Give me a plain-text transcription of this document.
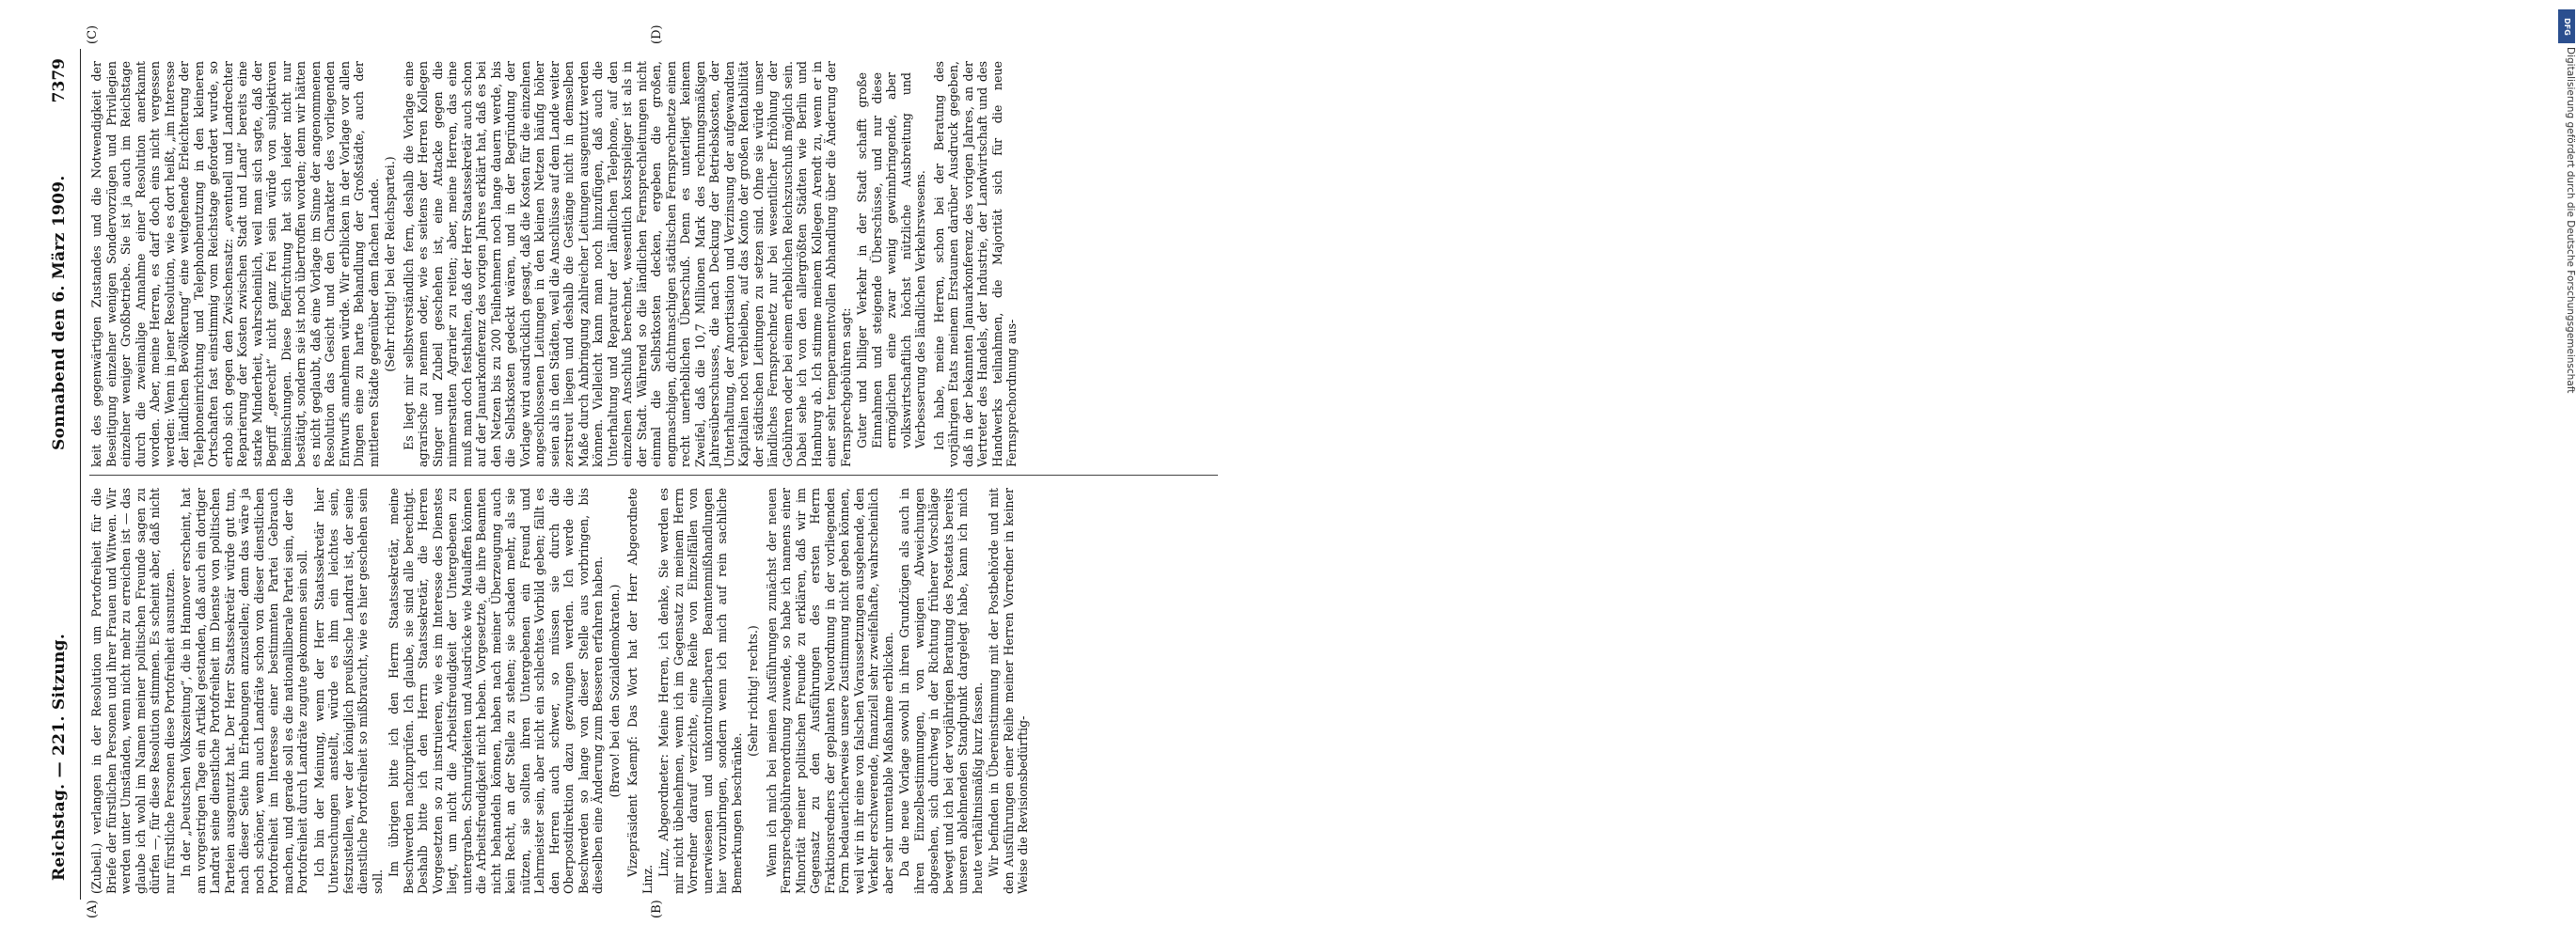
Reichstag. — 221. Sitzung.
Sonnabend den 6. März 1909.
7379
(A)	(B)
(C)	(D)

(Zubeil.) verlangen in der Resolution um Portofreiheit für die Briefe der fürstlichen Personen und ihrer Frauen und Witwen. Wir werden unter Umständen, wenn nicht mehr zu erreichen ist — das glaube ich wohl im Namen meiner politischen Freunde sagen zu dürfen —, für diese Resolution stimmen. Es scheint aber, daß nicht nur fürstliche Personen diese Portofreiheit ausnutzen. In der „Deutschen Volkszeitung“, die in Hannover erscheint, hat am vorgestrigen Tage ein Artikel gestanden, daß auch ein dortiger Landrat seine dienstliche Portofreiheit im Dienste von politischen Parteien ausgenutzt hat. Der Herr Staatssekretär würde gut tun, nach dieser Seite hin Erhebungen anzustellen; denn das wäre ja noch schöner, wenn auch Landräte schon von dieser dienstlichen Portofreiheit im Interesse einer bestimmten Partei Gebrauch machen, und gerade soll es die nationalliberale Partei sein, der die Portofreiheit durch Landräte zugute gekommen sein soll. Ich bin der Meinung, wenn der Herr Staatssekretär hier Untersuchungen anstellt, würde es ihm ein leichtes sein, festzustellen, wer der königlich preußische Landrat ist, der seine dienstliche Portofreiheit so mißbraucht, wie es hier geschehen sein soll.

Im übrigen bitte ich den Herrn Staatssekretär, meine Beschwerden nachzuprüfen. Ich glaube, sie sind alle berechtigt. Deshalb bitte ich den Herrn Staatssekretär, die Herren Vorgesetzten so zu instruieren, wie es im Interesse des Dienstes liegt, um nicht die Arbeitsfreudigkeit der Untergebenen zu untergraben. Schnurigkeiten und Ausdrücke wie Maulaffen können die Arbeitsfreudigkeit nicht heben. Vorgesetzte, die ihre Beamten nicht behandeln können, haben nach meiner Überzeugung auch kein Recht, an der Stelle zu stehen; sie schaden mehr, als sie nützen, sie sollten ihren Untergebenen ein Freund und Lehrmeister sein, aber nicht ein schlechtes Vorbild geben; fällt es den Herren auch schwer, so müssen sie durch die Oberpostdirektion dazu gezwungen werden. Ich werde die Beschwerden so lange von dieser Stelle aus vorbringen, bis dieselben eine Änderung zum Besseren erfahren haben. (Bravo! bei den Sozialdemokraten.) Vizepräsident Kaempf: Das Wort hat der Herr Abgeordnete Linz.

Linz, Abgeordneter: Meine Herren, ich denke, Sie werden es mir nicht übelnehmen, wenn ich im Gegensatz zu meinem Herrn Vorredner darauf verzichte, eine Reihe von Einzelfällen von unerwiesenen und unkontrollierbaren Beamtenmißhandlungen hier vorzubringen, sondern wenn ich mich auf rein sachliche Bemerkungen beschränke.

(Sehr richtig! rechts.) Wenn ich mich bei meinen Ausführungen zunächst der neuen Fernsprechgebührenordnung zuwende, so habe ich namens einer Minorität meiner politischen Freunde zu erklären, daß wir im Gegensatz zu den Ausführungen des ersten Herrn Fraktionsredners der geplanten Neuordnung in der vorliegenden Form bedauerlicherweise unsere Zustimmung nicht geben können, weil wir in ihr eine von falschen Voraussetzungen ausgehende, den Verkehr erschwerende, finanziell sehr zweifelhafte, wahrscheinlich aber sehr unrentable Maßnahme erblicken. Da die neue Vorlage sowohl in ihren Grundzügen als auch in ihren Einzelbestimmungen, von wenigen Abweichungen abgesehen, sich durchweg in der Richtung früherer Vorschläge bewegt und ich bei der vorjährigen Beratung des Postetats bereits unseren ablehnenden Standpunkt dargelegt habe, kann ich mich heute verhältnismäßig kurz fassen. Wir befinden in Übereinstimmung mit der Postbehörde und mit den Ausführungen einer Reihe meiner Herren Vorredner in keiner Weise die Revisionsbedürftig-

keit des gegenwärtigen Zustandes und die Notwendigkeit der Beseitigung einzelner wenigen Sondervorzügen und Privilegien einzelner weniger Großbetriebe. Sie ist ja auch im Reichstage durch die zweimalige Annahme einer Resolution anerkannt worden. Aber, meine Herren, es darf doch eins nicht vergessen werden: Wenn in jener Resolution, wie es dort heißt, „im Interesse der ländlichen Bevölkerung“ eine weitgehende Erleichterung der Telephoneinrichtung und Telephonbenutzung in den kleineren Ortschaften fast einstimmig vom Reichstage gefordert wurde, so erhob sich gegen den Zwischensatz: „eventuell und Landrechter Reparierung der Kosten zwischen Stadt und Land“ bereits eine starke Minderheit, wahrscheinlich, weil man sich sagte, daß der Begriff „gerecht“ nicht ganz frei sein würde von subjektiven Beimischungen. Diese Befürchtung hat sich leider nicht nur bestätigt, sondern sie ist noch übertroffen worden; denn wir hätten es nicht geglaubt, daß eine Vorlage im Sinne der angenommenen Resolution das Gesicht und den Charakter des vorliegenden Entwurfs annehmen würde. Wir erblicken in der Vorlage vor allen Dingen eine zu harte Behandlung der Großstädte, auch der mittleren Städte gegenüber dem flachen Lande. (Sehr richtig! bei der Reichspartei.) Es liegt mir selbstverständlich fern, deshalb die Vorlage eine agrarische zu nennen oder, wie es seitens der Herren Kollegen Singer und Zubeil geschehen ist, eine Attacke gegen die nimmersatten Agrarier zu reiten; aber, meine Herren, das eine muß man doch festhalten, daß der Herr Staatssekretär auch schon auf der Januarkonferenz des vorigen Jahres erklärt hat, daß es bei den Netzen bis zu 200 Teilnehmern noch lange dauern werde, bis die Selbstkosten gedeckt wären, und in der Begründung der Vorlage wird ausdrücklich gesagt, daß die Kosten für die einzelnen angeschlossenen Leitungen in den kleinen Netzen häufig höher seien als in den Städten, weil die Anschlüsse auf dem Lande weiter zerstreut liegen und deshalb die Gestänge nicht in demselben Maße durch Anbringung zahlreicher Leitungen ausgenutzt werden können. Vielleicht kann man noch hinzufügen, daß auch die Unterhaltung und Reparatur der ländlichen Telephone, auf den einzelnen Anschluß berechnet, wesentlich kostspieliger ist als in der Stadt. Während so die ländlichen Fernsprechleitungen nicht einmal die Selbstkosten decken, ergeben die großen, engmaschigen, dichtmaschigen städtischen Fernsprechnetze einen recht unerheblichen Überschuß. Denn es unterliegt keinem Zweifel, daß die 10,7 Millionen Mark des rechnungsmäßigen Jahresüberschusses, die nach Deckung der Betriebskosten, der Unterhaltung, der Amortisation und Verzinsung der aufgewandten Kapitalien noch verbleiben, auf das Konto der großen Rentabilität der städtischen Leitungen zu setzen sind. Ohne sie würde unser ländliches Fernsprechnetz nur bei wesentlicher Erhöhung der Gebühren oder bei einem erheblichen Reichszuschuß möglich sein. Dabei sehe ich von den allergrößten Städten wie Berlin und Hamburg ab. Ich stimme meinem Kollegen Arendt zu, wenn er in einer sehr temperamentvollen Abhandlung über die Änderung der Fernsprechgebühren sagt: Guter und billiger Verkehr in der Stadt schafft große Einnahmen und steigende Überschüsse, und nur diese ermöglichen eine zwar wenig gewinnbringende, aber volkswirtschaftlich höchst nützliche Ausbreitung und Verbesserung des ländlichen Verkehrswesens. Ich habe, meine Herren, schon bei der Beratung des vorjährigen Etats meinem Erstaunen darüber Ausdruck gegeben, daß in der bekannten Januarkonferenz des vorigen Jahres, an der Vertreter des Handels, der Industrie, der Landwirtschaft und des Handwerks teilnahmen, die Majorität sich für die neue Fernsprechordnung aus-

DFG
Digitalisierung gefördert durch die Deutsche Forschungsgemeinschaft
